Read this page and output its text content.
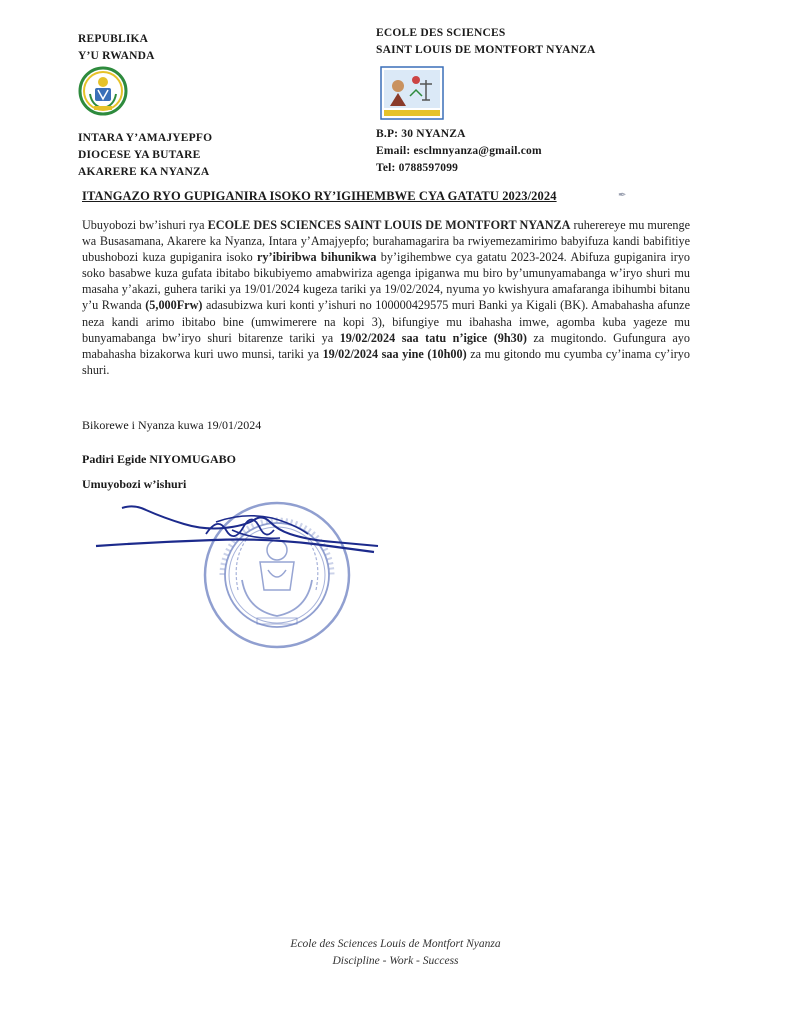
REPUBLIKA
Y’U RWANDA
INTARA Y’AMAJYEPFO
DIOCESE YA BUTARE
AKARERE KA NYANZA
ECOLE DES SCIENCES
SAINT LOUIS DE MONTFORT NYANZA
B.P: 30 NYANZA
Email: esclmnyanza@gmail.com
Tel: 0788597099
ITANGAZO RYO GUPIGANIRA ISOKO RY’IGIHEMBWE CYA GATATU 2023/2024	✒
Ubuyobozi bw’ishuri rya ECOLE DES SCIENCES SAINT LOUIS DE MONTFORT NYANZA ruherereye mu murenge wa Busasamana, Akarere ka Nyanza, Intara y’Amajyepfo; burahamagarira ba rwiyemezamirimo babyifuza kandi babifitiye ubushobozi kuza gupiganira isoko ry’ibiribwa bihunikwa by’igihembwe cya gatatu 2023-2024. Abifuza gupiganira iryo soko basabwe kuza gufata ibitabo bikubiyemo amabwiriza agenga ipiganwa mu biro by’umunyamabanga w’iryo shuri mu masaha y’akazi, guhera tariki ya 19/01/2024 kugeza tariki ya 19/02/2024, nyuma yo kwishyura amafaranga ibihumbi bitanu y’u Rwanda (5,000Frw) adasubizwa kuri konti y’ishuri no 100000429575 muri Banki ya Kigali (BK). Amabahasha afunze neza kandi arimo ibitabo bine (umwimerere na kopi 3), bifungiye mu ibahasha imwe, agomba kuba yageze mu bunyamabanga bw’iryo shuri bitarenze tariki ya 19/02/2024 saa tatu n’igice (9h30) za mugitondo. Gufungura ayo mabahasha bizakorwa kuri uwo munsi, tariki ya 19/02/2024 saa yine (10h00) za mu gitondo mu cyumba cy’inama cy’iryo shuri.
Bikorewe i Nyanza kuwa 19/01/2024
Padiri Egide NIYOMUGABO
Umuyobozi w’ishuri
Ecole des Sciences Louis de Montfort Nyanza
Discipline - Work - Success
